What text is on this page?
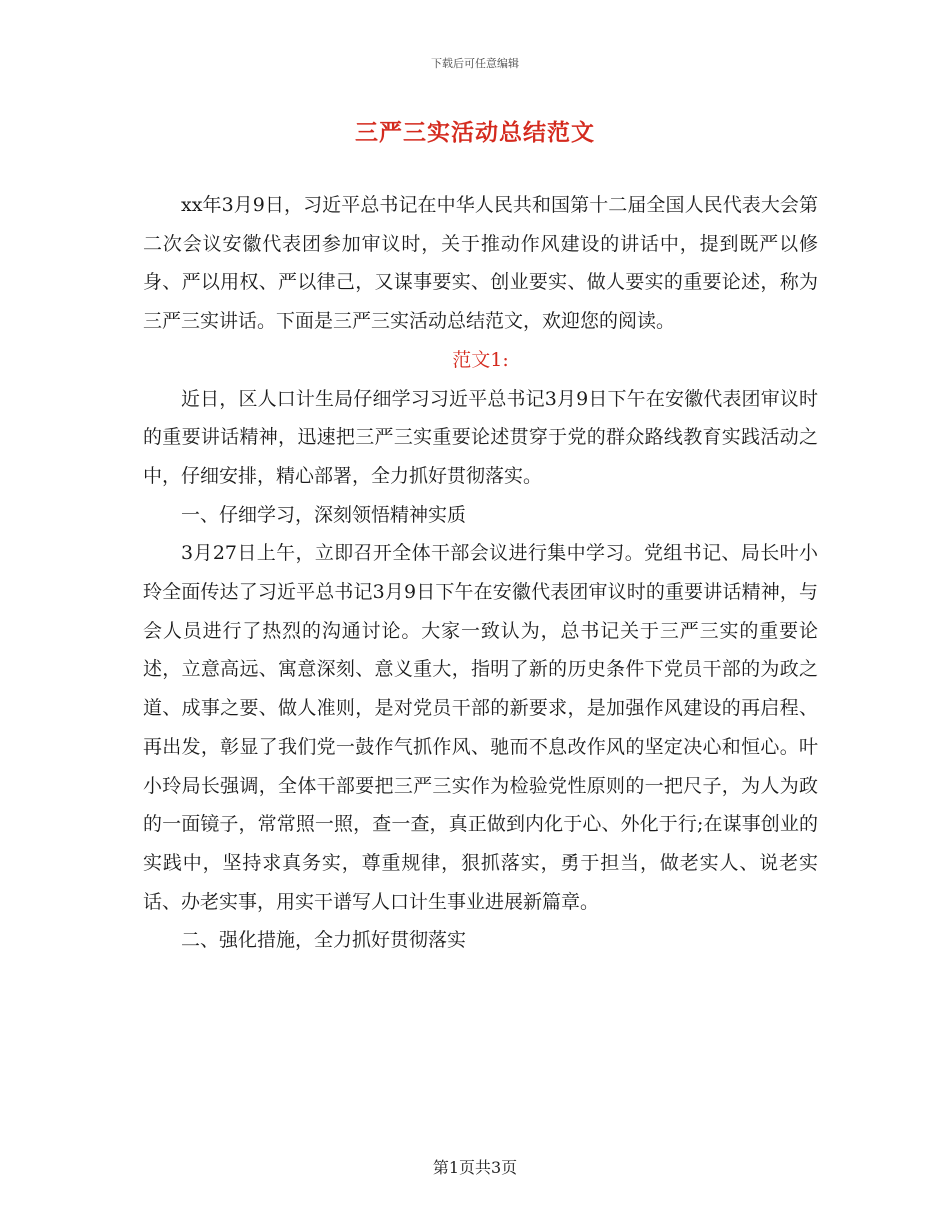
下载后可任意编辑
三严三实活动总结范文

xx年3月9日，习近平总书记在中华人民共和国第十二届全国人民代表大会第二次会议安徽代表团参加审议时，关于推动作风建设的讲话中，提到既严以修身、严以用权、严以律己，又谋事要实、创业要实、做人要实的重要论述，称为三严三实讲话。下面是三严三实活动总结范文，欢迎您的阅读。

范文1:

近日，区人口计生局仔细学习习近平总书记3月9日下午在安徽代表团审议时的重要讲话精神，迅速把三严三实重要论述贯穿于党的群众路线教育实践活动之中，仔细安排，精心部署，全力抓好贯彻落实。

一、仔细学习，深刻领悟精神实质

3月27日上午，立即召开全体干部会议进行集中学习。党组书记、局长叶小玲全面传达了习近平总书记3月9日下午在安徽代表团审议时的重要讲话精神，与会人员进行了热烈的沟通讨论。大家一致认为，总书记关于三严三实的重要论述，立意高远、寓意深刻、意义重大，指明了新的历史条件下党员干部的为政之道、成事之要、做人准则，是对党员干部的新要求，是加强作风建设的再启程、再出发，彰显了我们党一鼓作气抓作风、驰而不息改作风的坚定决心和恒心。叶小玲局长强调，全体干部要把三严三实作为检验党性原则的一把尺子，为人为政的一面镜子，常常照一照，查一查，真正做到内化于心、外化于行;在谋事创业的实践中，坚持求真务实，尊重规律，狠抓落实，勇于担当，做老实人、说老实话、办老实事，用实干谱写人口计生事业进展新篇章。

二、强化措施，全力抓好贯彻落实

第1页共3页
